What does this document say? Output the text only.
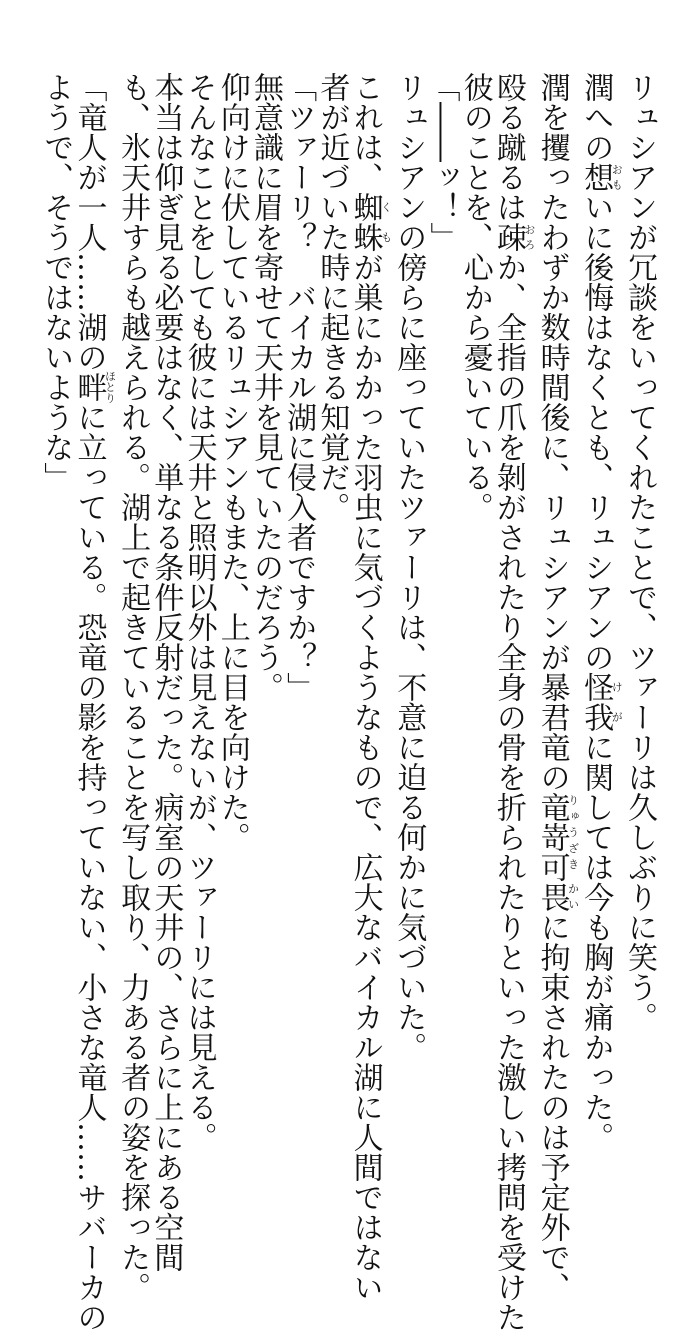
リュシアンが冗談をいってくれたことで、ツァーリは久しぶりに笑う。
潤への想おもいに後悔はなくとも、リュシアンの怪我けがに関しては今も胸が痛かった。
潤を攫ったわずか数時間後に、リュシアンが暴君竜の竜嵜可畏りゅうざき かいに拘束されたのは予定外で、
殴る蹴るは疎おろか、全指の爪を剝がされたり全身の骨を折られたりといった激しい拷問を受けた
彼のことを、心から憂いている。
「――ッ！」
リュシアンの傍らに座っていたツァーリは、不意に迫る何かに気づいた。
これは、蜘蛛くもが巣にかかった羽虫に気づくようなもので、広大なバイカル湖に人間ではない
者が近づいた時に起きる知覚だ。
「ツァーリ？　バイカル湖に侵入者ですか？」
無意識に眉を寄せて天井を見ていたのだろう。
仰向けに伏しているリュシアンもまた、上に目を向けた。
そんなことをしても彼には天井と照明以外は見えないが、ツァーリには見える。
本当は仰ぎ見る必要はなく、単なる条件反射だった。病室の天井の、さらに上にある空間
も、氷天井すらも越えられる。湖上で起きていることを写し取り、力ある者の姿を探った。
「竜人が一人……湖の畔ほとりに立っている。恐竜の影を持っていない、小さな竜人……サバーカの
ようで、そうではないような」
